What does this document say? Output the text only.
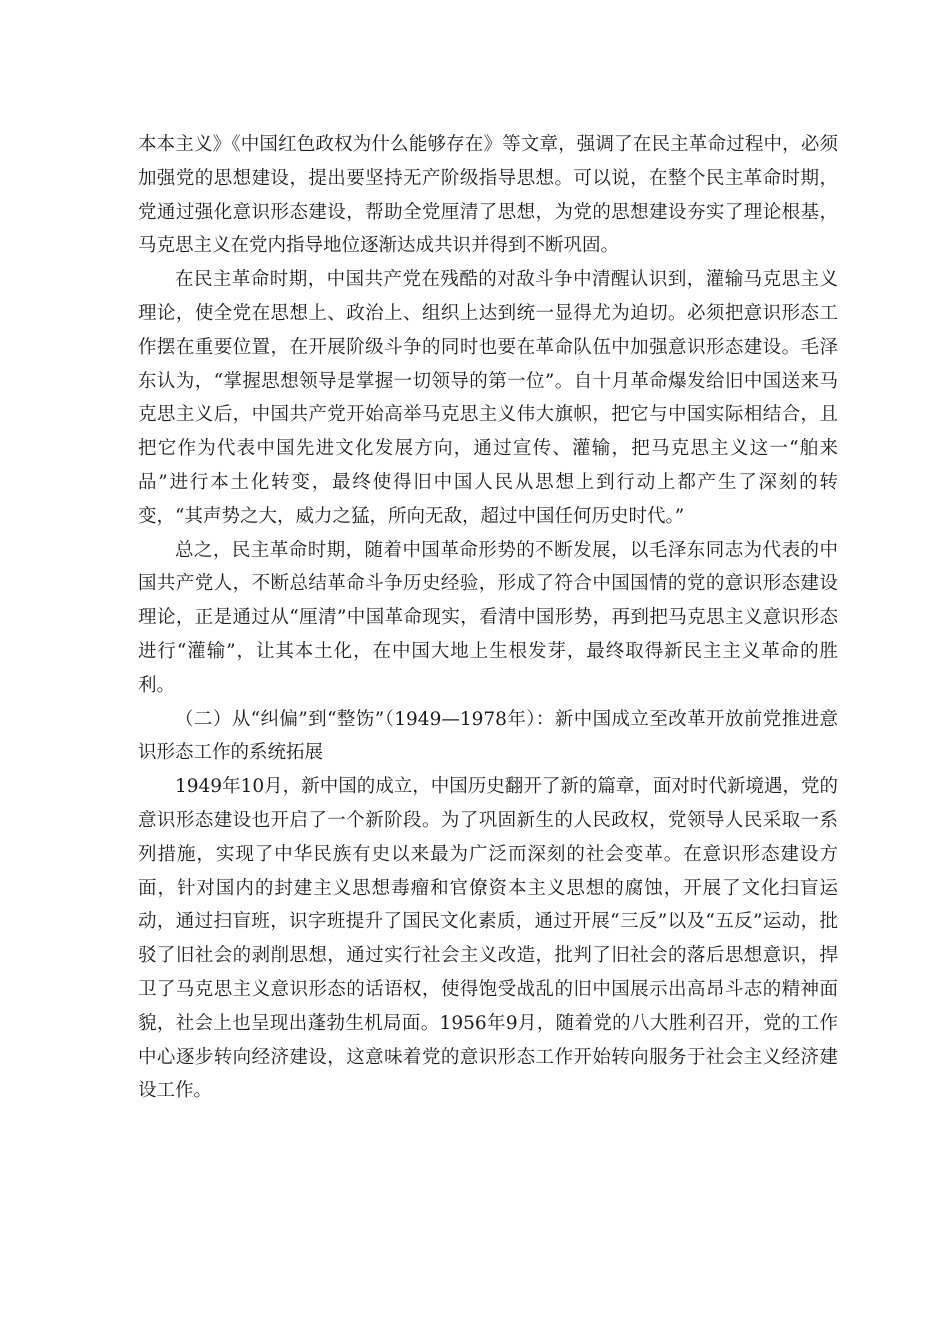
本本主义》《中国红色政权为什么能够存在》等文章，强调了在民主革命过程中，必须加强党的思想建设，提出要坚持无产阶级指导思想。可以说，在整个民主革命时期，党通过强化意识形态建设，帮助全党厘清了思想，为党的思想建设夯实了理论根基，马克思主义在党内指导地位逐渐达成共识并得到不断巩固。

在民主革命时期，中国共产党在残酷的对敌斗争中清醒认识到，灌输马克思主义理论，使全党在思想上、政治上、组织上达到统一显得尤为迫切。必须把意识形态工作摆在重要位置，在开展阶级斗争的同时也要在革命队伍中加强意识形态建设。毛泽东认为，“掌握思想领导是掌握一切领导的第一位”。自十月革命爆发给旧中国送来马克思主义后，中国共产党开始高举马克思主义伟大旗帜，把它与中国实际相结合，且把它作为代表中国先进文化发展方向，通过宣传、灌输，把马克思主义这一“舶来品”进行本土化转变，最终使得旧中国人民从思想上到行动上都产生了深刻的转变，“其声势之大，威力之猛，所向无敌，超过中国任何历史时代。”

总之，民主革命时期，随着中国革命形势的不断发展，以毛泽东同志为代表的中国共产党人，不断总结革命斗争历史经验，形成了符合中国国情的党的意识形态建设理论，正是通过从“厘清”中国革命现实，看清中国形势，再到把马克思主义意识形态进行“灌输”，让其本土化，在中国大地上生根发芽，最终取得新民主主义革命的胜利。

（二）从“纠偏”到“整饬”（1949—1978年）：新中国成立至改革开放前党推进意识形态工作的系统拓展

1949年10月，新中国的成立，中国历史翻开了新的篇章，面对时代新境遇，党的意识形态建设也开启了一个新阶段。为了巩固新生的人民政权，党领导人民采取一系列措施，实现了中华民族有史以来最为广泛而深刻的社会变革。在意识形态建设方面，针对国内的封建主义思想毒瘤和官僚资本主义思想的腐蚀，开展了文化扫盲运动，通过扫盲班，识字班提升了国民文化素质，通过开展“三反”以及“五反”运动，批驳了旧社会的剥削思想，通过实行社会主义改造，批判了旧社会的落后思想意识，捍卫了马克思主义意识形态的话语权，使得饱受战乱的旧中国展示出高昂斗志的精神面貌，社会上也呈现出蓬勃生机局面。1956年9月，随着党的八大胜利召开，党的工作中心逐步转向经济建设，这意味着党的意识形态工作开始转向服务于社会主义经济建设工作。
